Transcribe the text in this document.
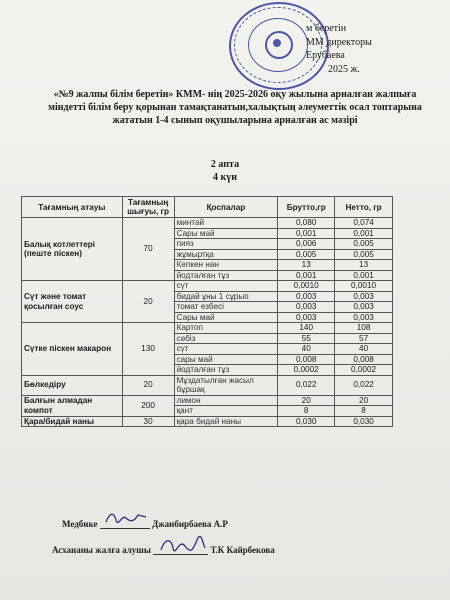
м беретін
ММ директоры
Ерубаева
2025 ж.
«№9 жалпы білім беретін» КММ- нің 2025-2026 оқу жылына арналған жалпыға міндетті білім беру қорынан тамақтанатын,халықтың әлеуметтік осал топтарына жататын 1-4 сынып оқушыларына арналған ас мәзірі
2 апта
4 күн
Тағамның атауы	Тағамның шығуы, гр	Қоспалар	Брутто,гр	Нетто, гр
Балық котлеттері (пеште піскен)	70	минтай	0,080	0,074
		Сары май	0,001	0,001
		пияз	0,006	0,005
		жұмыртқа	0,005	0,005
		Кепкен нан	13	13
		йодталған тұз	0,001	0,001
Сүт және томат қосылған соус	20	сүт	0,0010	0,0010
		бидай ұны 1 сұрып	0,003	0,003
		томат езбесі	0,003	0,003
		Сары май	0,003	0,003
Сүтке піскен макарон	130	Картоп	140	108
		сәбіз	55	57
		сүт	40	40
		сары май	0,008	0,008
		йодталған тұз	0,0002	0,0002
Бөлкедіру	20	Мұздатылған жасыл бұршақ	0,022	0,022
Балғын алмадан компот	200	лимон	20	20
		қант	8	8
Қара/бидай наны	30	қара бидай наны	0,030	0,030
Медбике	Джанбирбаева А.Р
Асхананы жалға алушы	Т.К Кайрбекова
